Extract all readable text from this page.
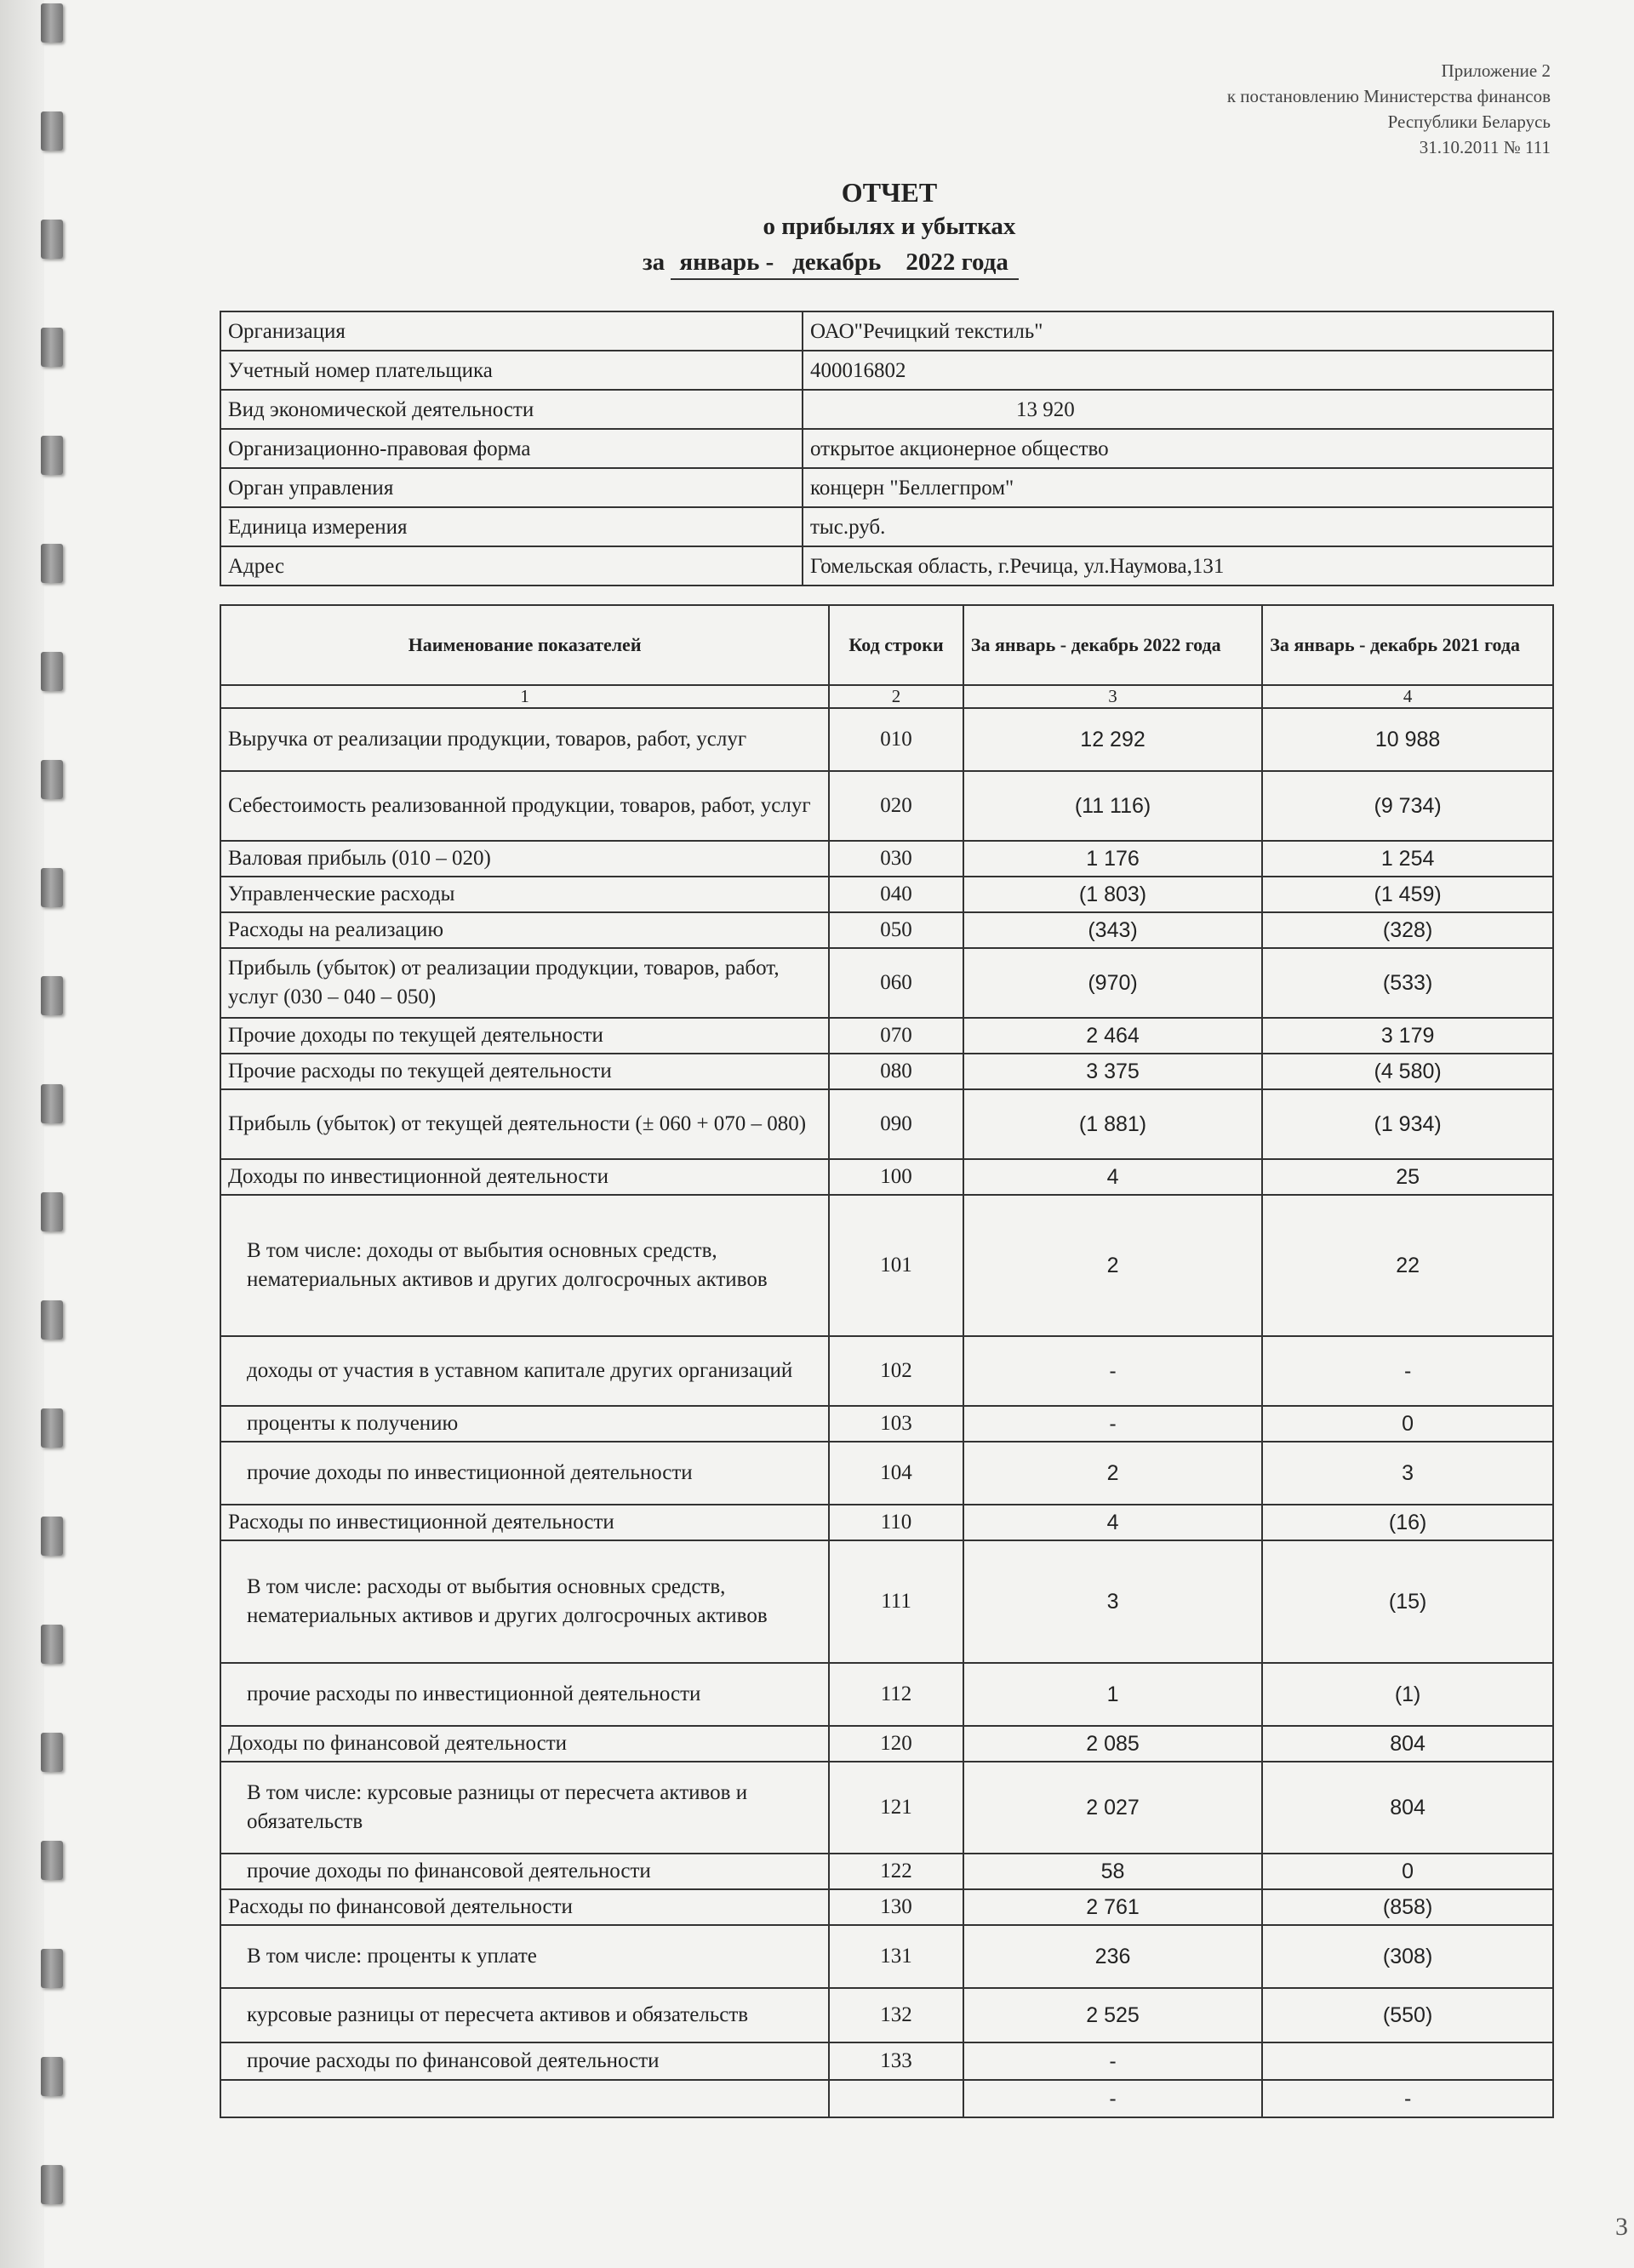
Приложение 2
к постановлению Министерства финансов
Республики Беларусь
31.10.2011 № 111
ОТЧЕТ
о прибылях и убытках
за январь -   декабрь    2022 года
Организация	ОАО"Речицкий текстиль"
Учетный номер плательщика	400016802
Вид экономической деятельности	13 920
Организационно-правовая форма	открытое акционерное общество
Орган управления	концерн "Беллегпром"
Единица измерения	тыс.руб.
Адрес	Гомельская область, г.Речица, ул.Наумова,131
Наименование показателей	Код строки	За январь - декабрь 2022 года	За январь - декабрь 2021 года
1	2	3	4
Выручка от реализации продукции, товаров, работ, услуг	010	12 292	10 988
Себестоимость реализованной продукции, товаров, работ, услуг	020	(11 116)	(9 734)
Валовая прибыль (010 – 020)	030	1 176	1 254
Управленческие расходы	040	(1 803)	(1 459)
Расходы на реализацию	050	(343)	(328)
Прибыль (убыток) от реализации продукции, товаров, работ, услуг (030 – 040 – 050)	060	(970)	(533)
Прочие доходы по текущей деятельности	070	2 464	3 179
Прочие расходы по текущей деятельности	080	3 375	(4 580)
Прибыль (убыток) от текущей деятельности (± 060 + 070 – 080)	090	(1 881)	(1 934)
Доходы по инвестиционной деятельности	100	4	25
В том числе: доходы от выбытия основных средств, нематериальных активов и других долгосрочных активов	101	2	22
доходы от участия в уставном капитале других организаций	102	-	-
проценты к получению	103	-	0
прочие доходы по инвестиционной деятельности	104	2	3
Расходы по инвестиционной деятельности	110	4	(16)
В том числе: расходы от выбытия основных средств, нематериальных активов и других долгосрочных активов	111	3	(15)
прочие расходы по инвестиционной деятельности	112	1	(1)
Доходы по финансовой деятельности	120	2 085	804
В том числе: курсовые разницы от пересчета активов и обязательств	121	2 027	804
прочие доходы по финансовой деятельности	122	58	0
Расходы по финансовой деятельности	130	2 761	(858)
В том числе: проценты к уплате	131	236	(308)
курсовые разницы от пересчета активов и обязательств	132	2 525	(550)
прочие расходы по финансовой деятельности	133	-	
		-	-
3
